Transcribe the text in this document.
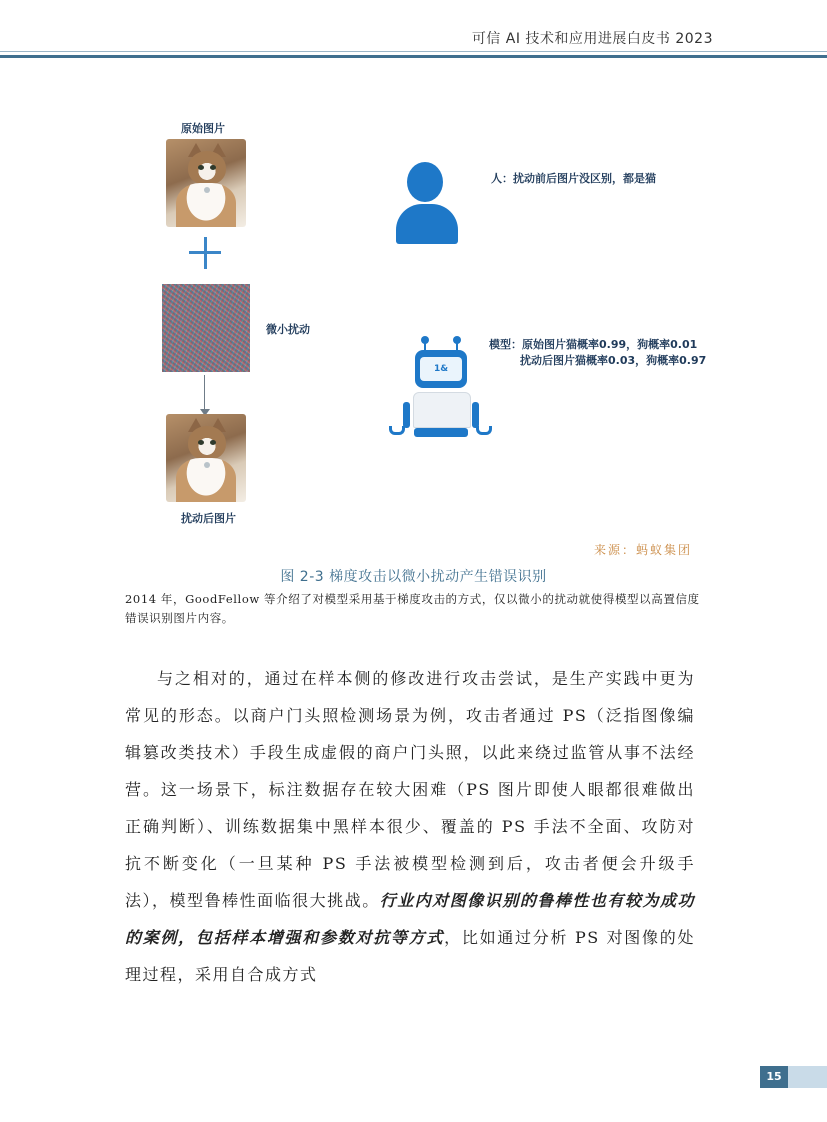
可信 AI 技术和应用进展白皮书 2023
原始图片
微小扰动
扰动后图片
人：扰动前后图片没区别，都是猫
1&
模型：原始图片猫概率0.99，狗概率0.01
扰动后图片猫概率0.03，狗概率0.97
来源：蚂蚁集团
图 2-3 梯度攻击以微小扰动产生错误识别
2014 年，GoodFellow 等介绍了对模型采用基于梯度攻击的方式，仅以微小的扰动就使得模型以高置信度错误识别图片内容。
与之相对的，通过在样本侧的修改进行攻击尝试，是生产实践中更为常见的形态。以商户门头照检测场景为例，攻击者通过 PS（泛指图像编辑篡改类技术）手段生成虚假的商户门头照，以此来绕过监管从事不法经营。这一场景下，标注数据存在较大困难（PS 图片即使人眼都很难做出正确判断）、训练数据集中黑样本很少、覆盖的 PS 手法不全面、攻防对抗不断变化（一旦某种 PS 手法被模型检测到后，攻击者便会升级手法），模型鲁棒性面临很大挑战。行业内对图像识别的鲁棒性也有较为成功的案例，包括样本增强和参数对抗等方式，比如通过分析 PS 对图像的处理过程，采用自合成方式
15
